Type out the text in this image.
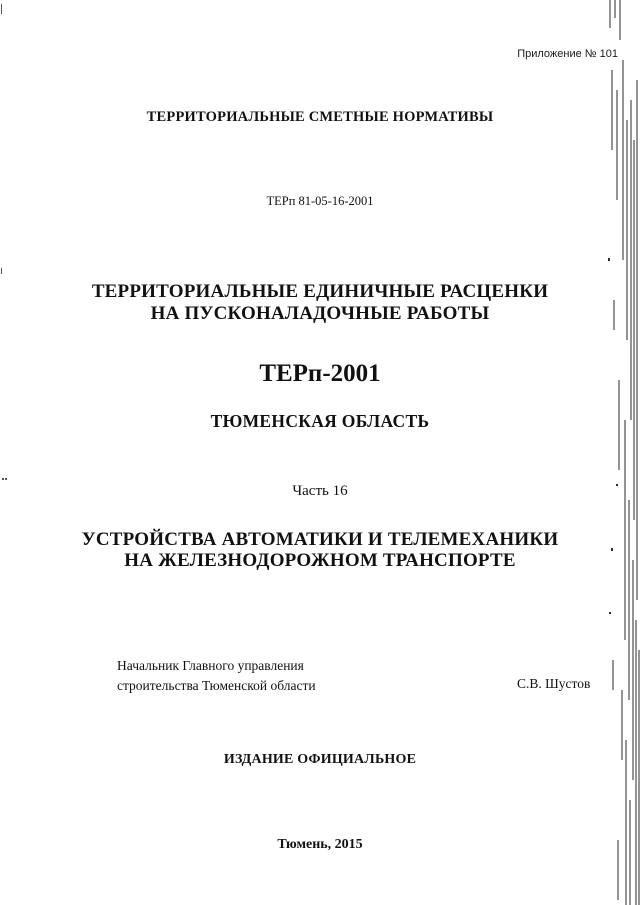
Приложение № 101
ТЕРРИТОРИАЛЬНЫЕ СМЕТНЫЕ НОРМАТИВЫ
ТЕРп 81-05-16-2001
ТЕРРИТОРИАЛЬНЫЕ ЕДИНИЧНЫЕ РАСЦЕНКИ
НА ПУСКОНАЛАДОЧНЫЕ РАБОТЫ
ТЕРп-2001
ТЮМЕНСКАЯ ОБЛАСТЬ
Часть 16
УСТРОЙСТВА АВТОМАТИКИ И ТЕЛЕМЕХАНИКИ
НА ЖЕЛЕЗНОДОРОЖНОМ ТРАНСПОРТЕ
Начальник Главного управления
строительства Тюменской области	С.В. Шустов
ИЗДАНИЕ ОФИЦИАЛЬНОЕ
Тюмень, 2015
